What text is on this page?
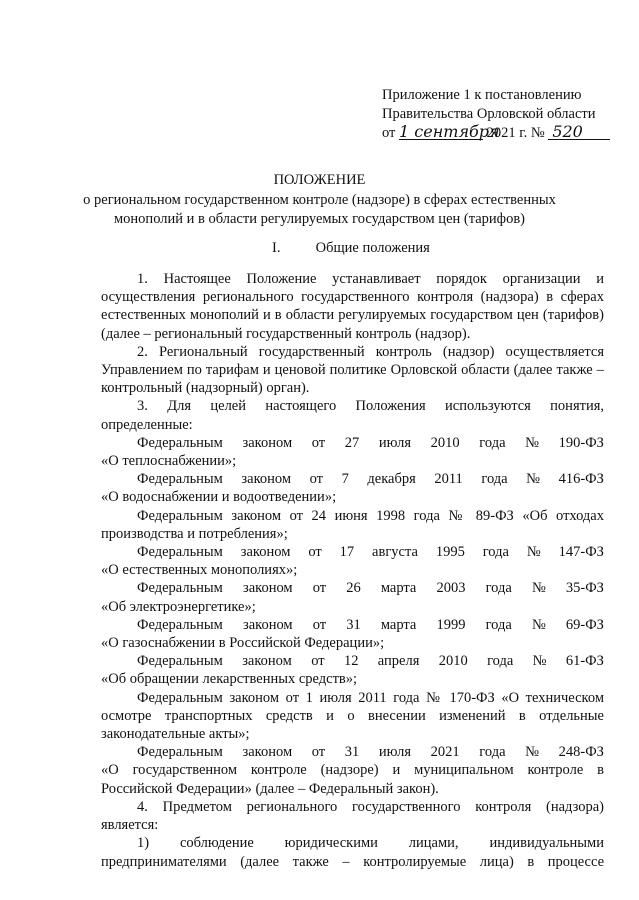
Приложение 1 к постановлению
Правительства Орловской области
от 1 сентября 2021 г. № 520
ПОЛОЖЕНИЕ
о региональном государственном контроле (надзоре) в сферах естественных
монополий и в области регулируемых государством цен (тарифов)
I. Общие положения

1. Настоящее Положение устанавливает порядок организации и осуществления регионального государственного контроля (надзора) в сферах естественных монополий и в области регулируемых государством цен (тарифов) (далее – региональный государственный контроль (надзор).

2. Региональный государственный контроль (надзор) осуществляется Управлением по тарифам и ценовой политике Орловской области (далее также – контрольный (надзорный) орган).

3. Для целей настоящего Положения используются понятия,

определенные:

Федеральным законом от 27 июля 2010 года № 190-ФЗ

«О теплоснабжении»;

Федеральным законом от 7 декабря 2011 года № 416-ФЗ

«О водоснабжении и водоотведении»;

Федеральным законом от 24 июня 1998 года № 89-ФЗ «Об отходах производства и потребления»;

Федеральным законом от 17 августа 1995 года № 147-ФЗ

«О естественных монополиях»;

Федеральным законом от 26 марта 2003 года № 35-ФЗ

«Об электроэнергетике»;

Федеральным законом от 31 марта 1999 года № 69-ФЗ

«О газоснабжении в Российской Федерации»;

Федеральным законом от 12 апреля 2010 года № 61-ФЗ

«Об обращении лекарственных средств»;

Федеральным законом от 1 июля 2011 года № 170-ФЗ «О техническом осмотре транспортных средств и о внесении изменений в отдельные законодательные акты»;

Федеральным законом от 31 июля 2021 года № 248-ФЗ

«О государственном контроле (надзоре) и муниципальном контроле в Российской Федерации» (далее – Федеральный закон).

4. Предметом регионального государственного контроля (надзора) является:

1) соблюдение юридическими лицами, индивидуальными

предпринимателями (далее также – контролируемые лица) в процессе
